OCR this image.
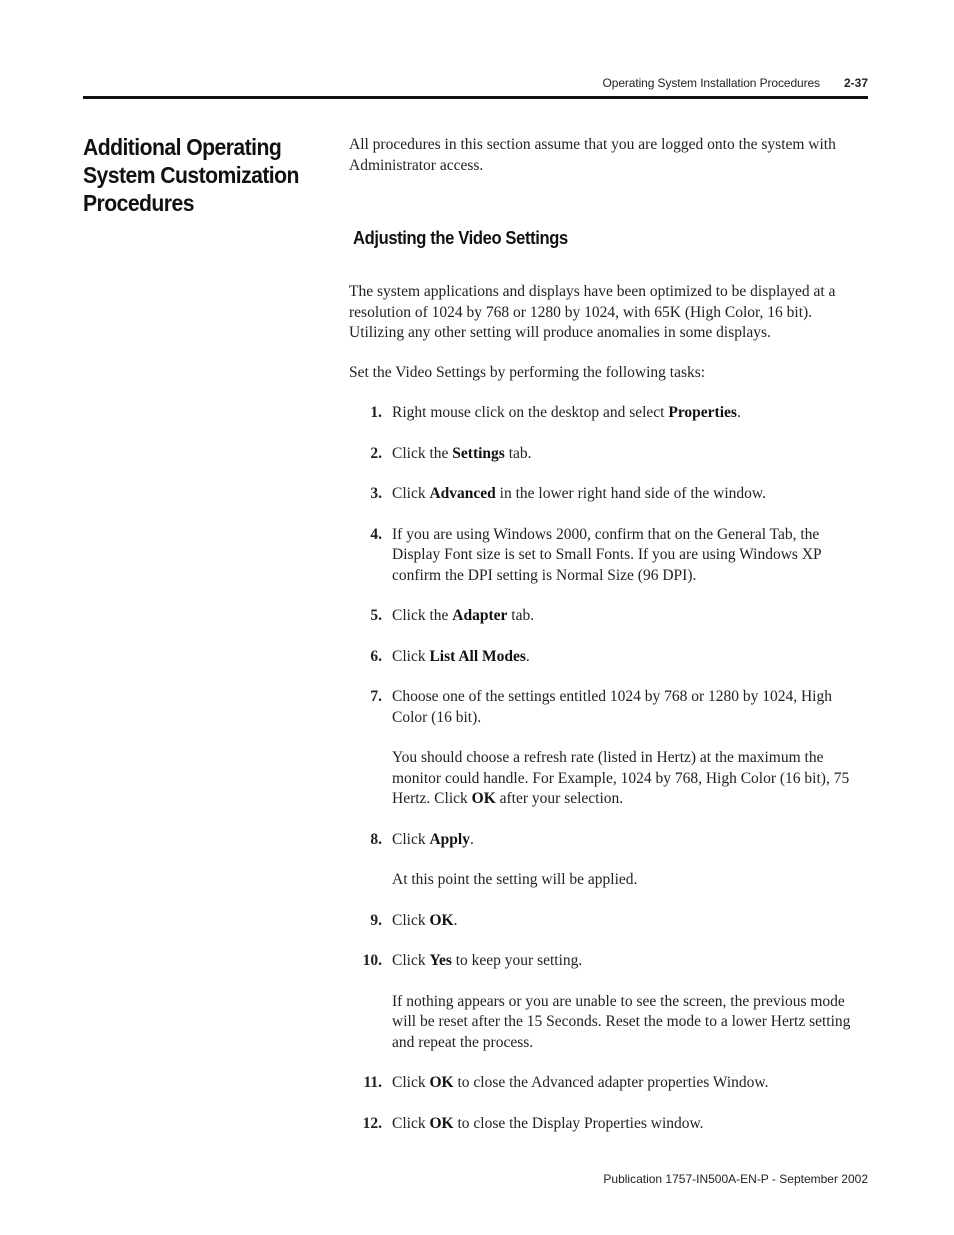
Operating System Installation Procedures 2-37
Additional Operating
System Customization
Procedures

All procedures in this section assume that you are logged onto the system with Administrator access.

Adjusting the Video Settings

The system applications and displays have been optimized to be displayed at a resolution of 1024 by 768 or 1280 by 1024, with 65K (High Color, 16 bit). Utilizing any other setting will produce anomalies in some displays.

Set the Video Settings by performing the following tasks:

1. Right mouse click on the desktop and select Properties.

2. Click the Settings tab.

3. Click Advanced in the lower right hand side of the window.

4. If you are using Windows 2000, confirm that on the General Tab, the Display Font size is set to Small Fonts. If you are using Windows XP confirm the DPI setting is Normal Size (96 DPI).

5. Click the Adapter tab.

6. Click List All Modes.

7. Choose one of the settings entitled 1024 by 768 or 1280 by 1024, High Color (16 bit).

You should choose a refresh rate (listed in Hertz) at the maximum the monitor could handle. For Example, 1024 by 768, High Color (16 bit), 75 Hertz. Click OK after your selection.

8. Click Apply.

At this point the setting will be applied.

9. Click OK.

10. Click Yes to keep your setting.

If nothing appears or you are unable to see the screen, the previous mode will be reset after the 15 Seconds. Reset the mode to a lower Hertz setting and repeat the process.

11. Click OK to close the Advanced adapter properties Window.

12. Click OK to close the Display Properties window.

Publication 1757-IN500A-EN-P - September 2002
